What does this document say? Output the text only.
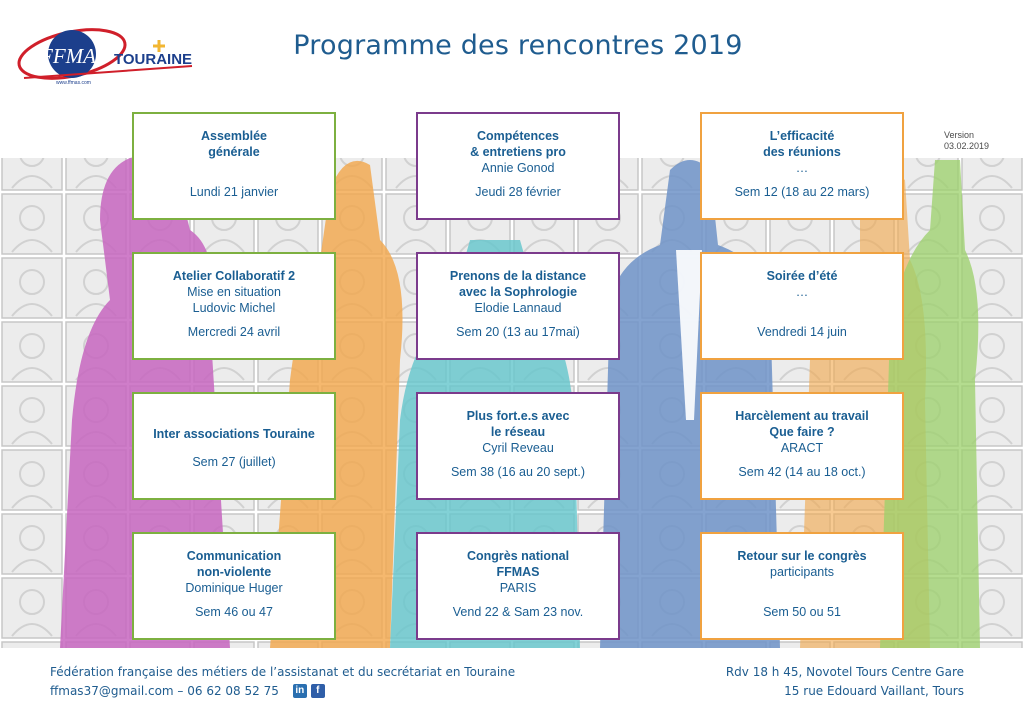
FFMAS TOURAINE
www.ffmas.com
Programme des rencontres 2019
Version
03.02.2019
Assemblée
générale
Lundi 21 janvier
Compétences
& entretiens pro
Annie Gonod
Jeudi 28 février
L’efficacité
des réunions
…
Sem 12 (18 au 22 mars)
Atelier Collaboratif 2
Mise en situation
Ludovic Michel
Mercredi 24 avril
Prenons de la distance
avec la Sophrologie
Elodie Lannaud
Sem 20 (13 au 17mai)
Soirée d’été
…
Vendredi 14 juin
Inter associations Touraine
Sem 27 (juillet)
Plus fort.e.s avec
le réseau
Cyril Reveau
Sem 38 (16 au 20 sept.)
Harcèlement au travail
Que faire ?
ARACT
Sem 42 (14 au 18 oct.)
Communication
non-violente
Dominique Huger
Sem 46 ou 47
Congrès national
FFMAS
PARIS
Vend 22 & Sam 23 nov.
Retour sur le congrès
participants
Sem 50 ou 51
Fédération française des métiers de l’assistanat et du secrétariat en Touraine
ffmas37@gmail.com – 06 62 08 52 75 in	f
Rdv 18 h 45, Novotel Tours Centre Gare
15 rue Edouard Vaillant, Tours
